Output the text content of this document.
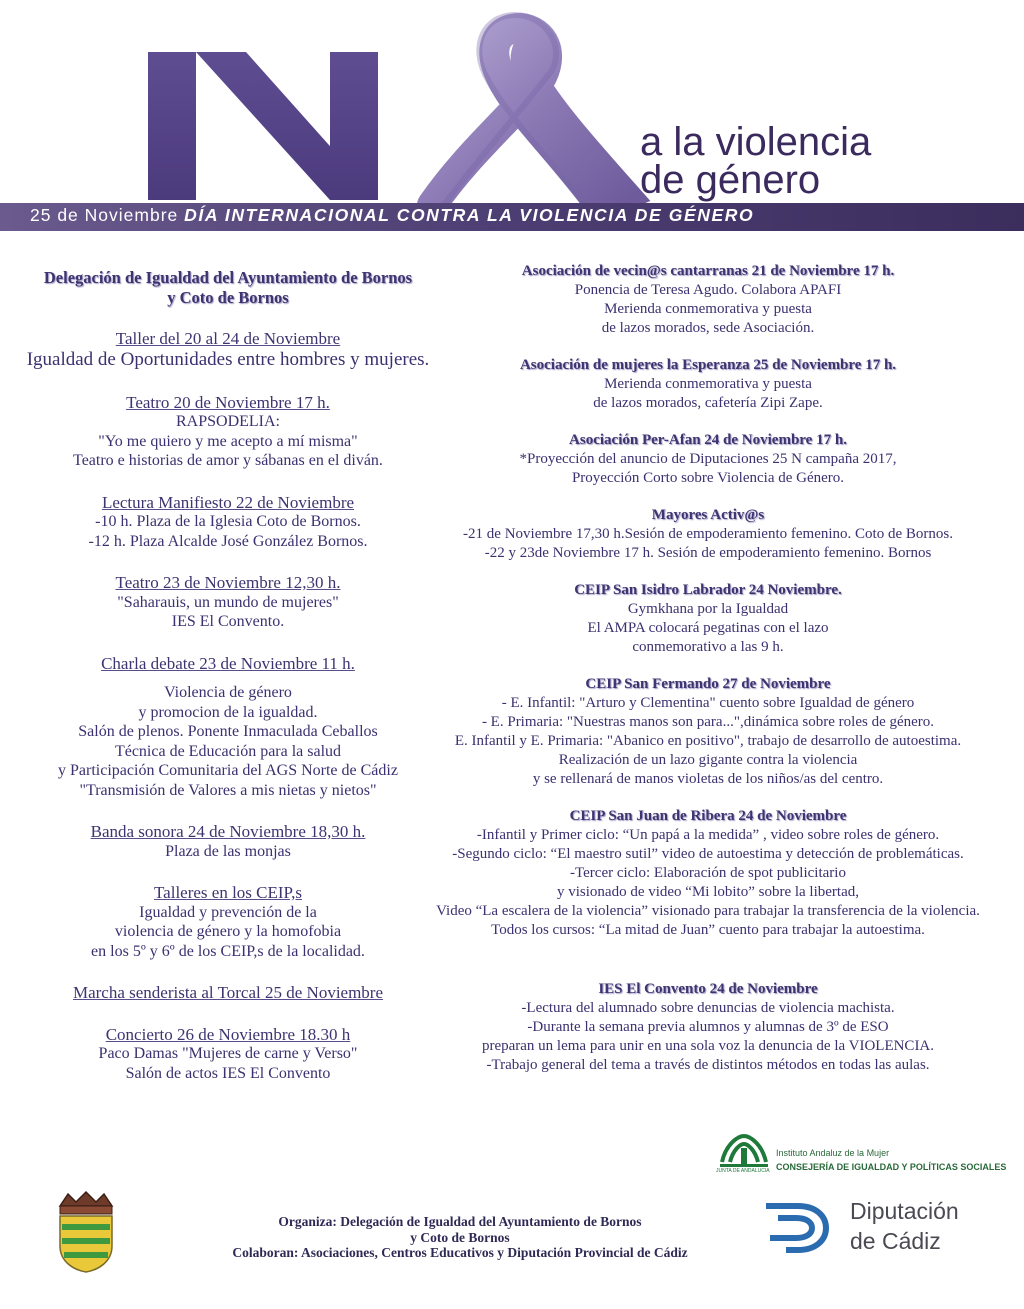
a la violencia
de género
25 de Noviembre DÍA INTERNACIONAL CONTRA LA VIOLENCIA DE GÉNERO
Delegación de Igualdad del Ayuntamiento de Bornos
y Coto de Bornos
Taller del 20 al 24 de Noviembre
Igualdad de Oportunidades entre hombres y mujeres.
Teatro 20 de Noviembre 17 h.
RAPSODELIA:
"Yo me quiero y me acepto a mí misma"
Teatro e historias de amor y sábanas en el diván.
Lectura Manifiesto 22 de Noviembre
-10 h. Plaza de la Iglesia Coto de Bornos.
-12 h. Plaza Alcalde José González Bornos.
Teatro 23 de Noviembre 12,30 h.
"Saharauis, un mundo de mujeres"
IES El Convento.
Charla debate 23 de Noviembre 11 h.
Violencia de género
y promocion de la igualdad.
Salón de plenos. Ponente Inmaculada Ceballos
Técnica de Educación para la salud
y Participación Comunitaria del AGS Norte de Cádiz
"Transmisión de Valores a mis nietas y nietos"
Banda sonora 24 de Noviembre 18,30 h.
Plaza de las monjas
Talleres en los CEIP,s
Igualdad y prevención de la
violencia de género y la homofobia
en los 5º y 6º de los CEIP,s de la localidad.
Marcha senderista al Torcal 25 de Noviembre
Concierto 26 de Noviembre 18.30 h
Paco Damas "Mujeres de carne y Verso"
Salón de actos IES El Convento
Asociación de vecin@s cantarranas 21 de Noviembre 17 h.
Ponencia de Teresa Agudo. Colabora APAFI
Merienda conmemorativa y puesta
de lazos morados, sede Asociación.
Asociación de mujeres la Esperanza 25 de Noviembre 17 h.
Merienda conmemorativa y puesta
de lazos morados, cafetería Zipi Zape.
Asociación Per-Afan 24 de Noviembre 17 h.
*Proyección del anuncio de Diputaciones 25 N campaña 2017,
Proyección Corto sobre Violencia de Género.
Mayores Activ@s
-21 de Noviembre 17,30 h.Sesión de empoderamiento femenino. Coto de Bornos.
-22 y 23de Noviembre 17 h. Sesión de empoderamiento femenino. Bornos
CEIP San Isidro Labrador 24 Noviembre.
Gymkhana por la Igualdad
El AMPA colocará pegatinas con el lazo
conmemorativo a las 9 h.
CEIP San Fermando 27 de Noviembre
- E. Infantil: "Arturo y Clementina" cuento sobre Igualdad de género
- E. Primaria: "Nuestras manos son para...",dinámica sobre roles de género.
E. Infantil y E. Primaria: "Abanico en positivo", trabajo de desarrollo de autoestima.
Realización de un lazo gigante contra la violencia
y se rellenará de manos violetas de los niños/as del centro.
CEIP San Juan de Ribera 24 de Noviembre
-Infantil y Primer ciclo: “Un papá a la medida” , video sobre roles de género.
-Segundo ciclo: “El maestro sutil” video de autoestima y detección de problemáticas.
-Tercer ciclo: Elaboración de spot publicitario
y visionado de video “Mi lobito” sobre la libertad,
Video “La escalera de la violencia” visionado para trabajar la transferencia de la violencia.
Todos los cursos: “La mitad de Juan” cuento para trabajar la autoestima.
IES El Convento 24 de Noviembre
-Lectura del alumnado sobre denuncias de violencia machista.
-Durante la semana previa alumnos y alumnas de 3º de ESO
preparan un lema para unir en una sola voz la denuncia de la VIOLENCIA.
-Trabajo general del tema a través de distintos métodos en todas las aulas.
JUNTA DE ANDALUCIA
Instituto Andaluz de la Mujer
CONSEJERÍA DE IGUALDAD Y POLÍTICAS SOCIALES
Organiza: Delegación de Igualdad del Ayuntamiento de Bornos
y Coto de Bornos
Colaboran: Asociaciones, Centros Educativos y Diputación Provincial de Cádiz
Diputación
de Cádiz
